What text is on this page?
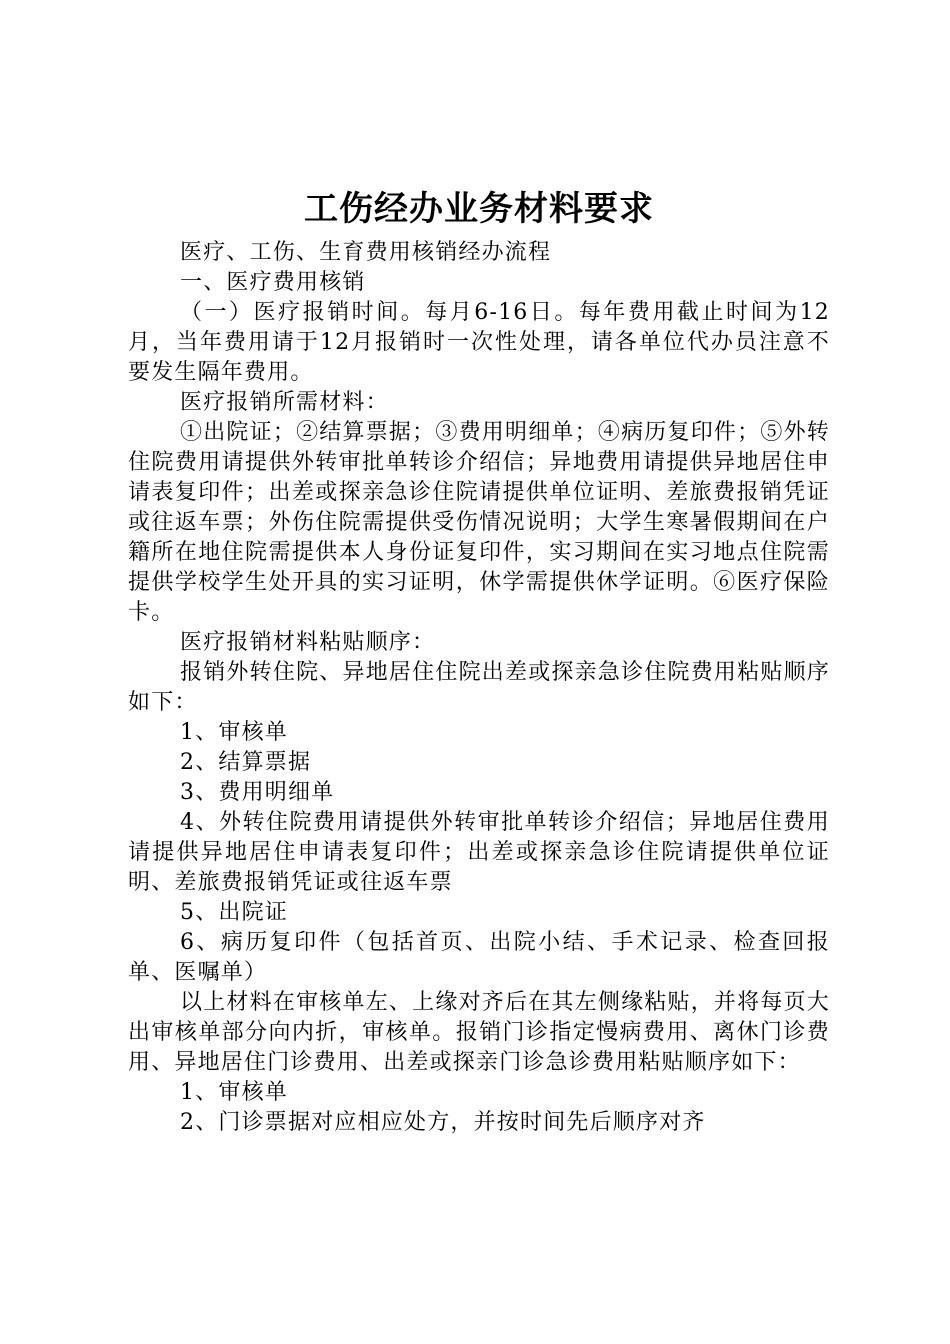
工伤经办业务材料要求

医疗、工伤、生育费用核销经办流程

一、医疗费用核销

（一）医疗报销时间。每月6-16日。每年费用截止时间为12月，当年费用请于12月报销时一次性处理，请各单位代办员注意不要发生隔年费用。

医疗报销所需材料：

①出院证；②结算票据；③费用明细单；④病历复印件；⑤外转住院费用请提供外转审批单转诊介绍信；异地费用请提供异地居住申请表复印件；出差或探亲急诊住院请提供单位证明、差旅费报销凭证或往返车票；外伤住院需提供受伤情况说明；大学生寒暑假期间在户籍所在地住院需提供本人身份证复印件，实习期间在实习地点住院需提供学校学生处开具的实习证明，休学需提供休学证明。⑥医疗保险卡。

医疗报销材料粘贴顺序：

报销外转住院、异地居住住院出差或探亲急诊住院费用粘贴顺序如下：

1、审核单

2、结算票据

3、费用明细单

4、外转住院费用请提供外转审批单转诊介绍信；异地居住费用请提供异地居住申请表复印件；出差或探亲急诊住院请提供单位证明、差旅费报销凭证或往返车票

5、出院证

6、病历复印件（包括首页、出院小结、手术记录、检查回报单、医嘱单）

以上材料在审核单左、上缘对齐后在其左侧缘粘贴，并将每页大出审核单部分向内折，审核单。报销门诊指定慢病费用、离休门诊费用、异地居住门诊费用、出差或探亲门诊急诊费用粘贴顺序如下：

1、审核单

2、门诊票据对应相应处方，并按时间先后顺序对齐
